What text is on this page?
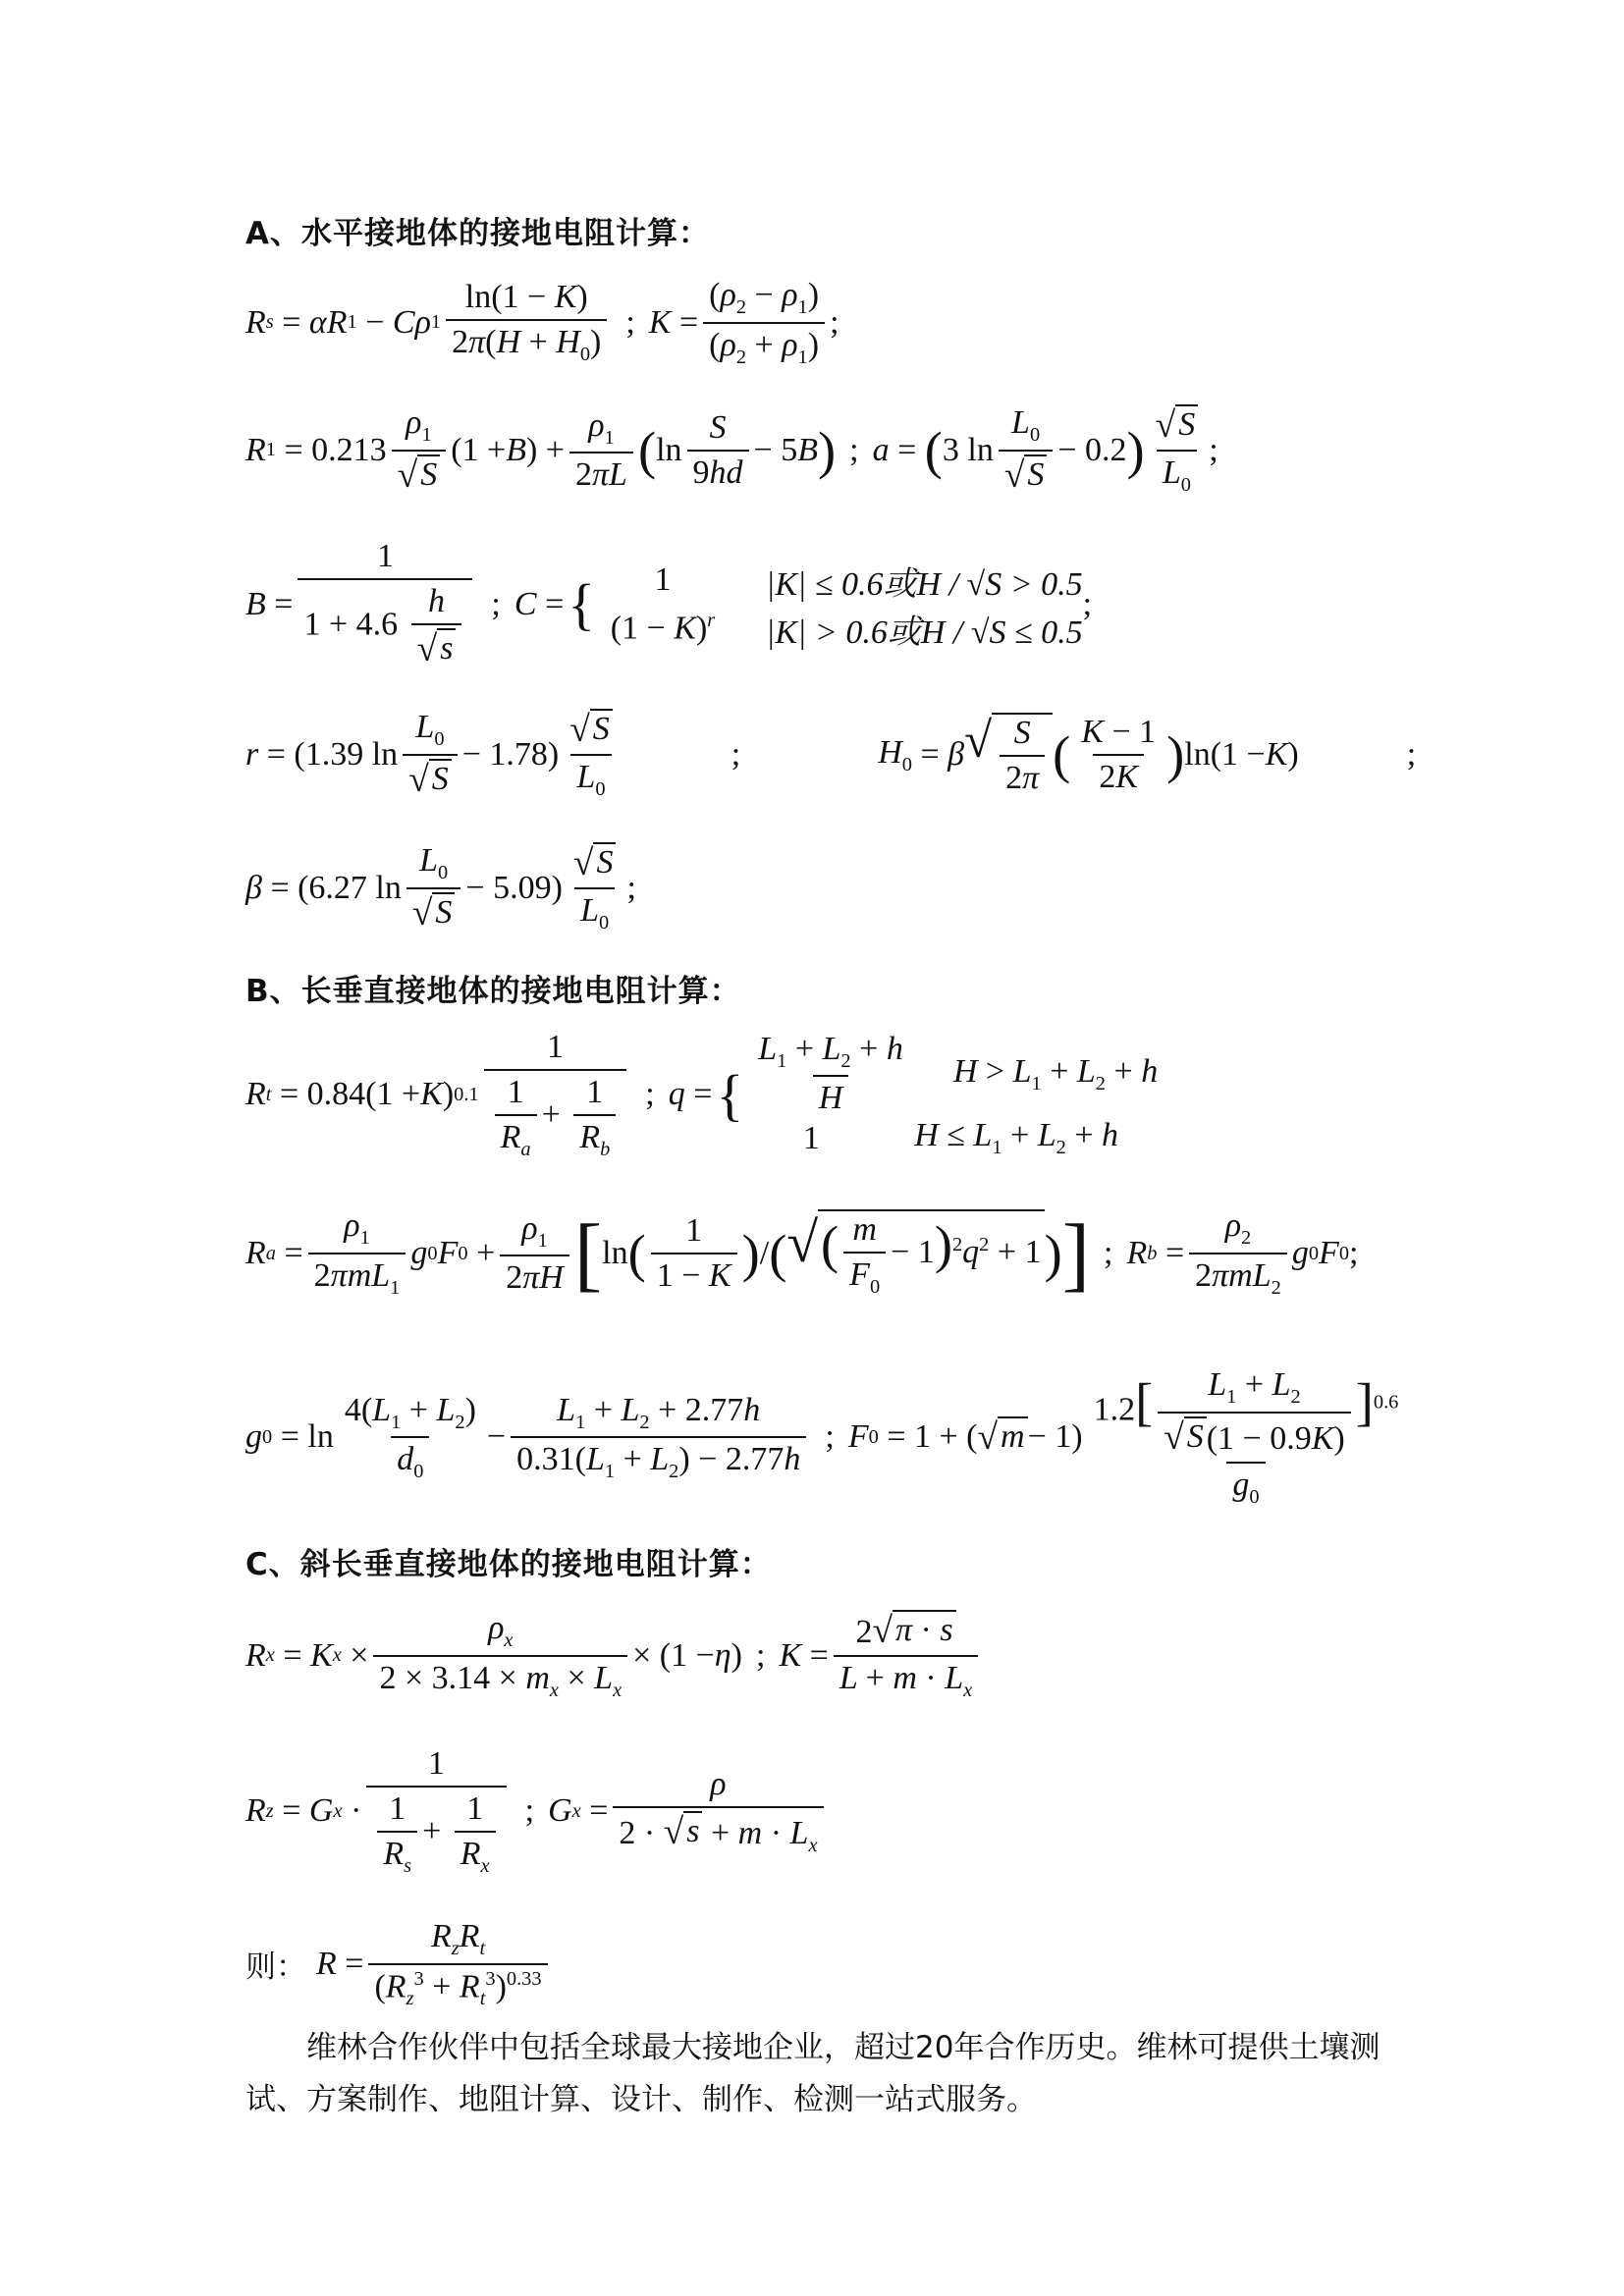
A、水平接地体的接地电阻计算：
R s
= αR 1
− Cρ $1 \frac{\ln(1 - K)}{2\pi(H + H_0)}$ ; $K = \frac{(\rho_2 - \rho_1)}{(\rho_2 + \rho_1)}$ ;
R 1
= $0.213 \frac{\rho_1}{√ S} (1 + B$ ) + $\frac{\rho_1}{2\pi L}$ ( $\ln \frac{S}{9hd} - 5$ B ) ; a =
( 3 $\ln \frac{L_0}{√ S} - 0.2$ ) $\frac{√ S}{L_0}$ ;
$B = \frac{1}{1 + 4.6 \frac{h}{√ s}}$ ; C = {	1	|K| ≤ 0.6或H / √S > 0.5
$(1 - K)^r$	|K| > 0.6或H / √S ≤ 0.5
;
r = (1.39 $\ln \frac{L_0}{√ S} - 1.78) \frac{√ S}{L_0}$	;	$H_0$
= β √ $\frac{S}{2\pi}$ ( $\frac{K - 1}{2K}$ ) ln(1 − K )	;
β = (6.27 $\ln \frac{L_0}{√ S} - 5.09) \frac{√ S}{L_0}$ ;
B、长垂直接地体的接地电阻计算：
R t
= 0.84(1 + K ) $0.1 \frac{1}{\frac{1}{R_a} + \frac{1}{R_b}}$ ; q = { $\frac{L_1 + L_2 + h}{H}$ $H > L_1 + L_2 + h$
1	$H \le L_1 + L_2 + h$
R a
= $\frac{\rho_1}{2\pi mL_1}$ g 0 F 0
+ $\frac{\rho_1}{2\pi H}$ [ ln ( $\frac{1}{1 - K}$ ) / ( √ ( $\frac{m}{F_0} - 1)^2q^2 + 1$ ) ] ; R b
= $\frac{\rho_2}{2\pi mL_2}$ g 0 F 0 ;
g 0
= $\ln \frac{4(L_1 + L_2)}{d_0} - \frac{L_1 + L_2 + 2.77h}{0.31(L_1 + L_2) - 2.77h}$ ; F 0
= 1 + ( √ $m - 1) \frac{1.2[ \frac{L_1 + L_2}{√ S (1 - 0.9K)} ]^{0.6}}{g_0}$
C、斜长垂直接地体的接地电阻计算：
R x
= K x
× $\frac{\rho_x}{2 \times 3.14 \times m_x \times L_x} \times (1 - \eta$ ) ; $K = \frac{2 √ \pi \cdot s}{L + m \cdot L_x}$
R z
= G x
· $\frac{1}{\frac{1}{R_s} + \frac{1}{R_x}}$ ; G x
= $\frac{\rho}{2 \cdot √ s + m \cdot L_x}$
则： $R = \frac{R_zR_t}{(R_z^3 + R_t^3)^{0.33}}$
维林合作伙伴中包括全球最大接地企业，超过20年合作历史。维林可提供土壤测试、方案制作、地阻计算、设计、制作、检测一站式服务。
